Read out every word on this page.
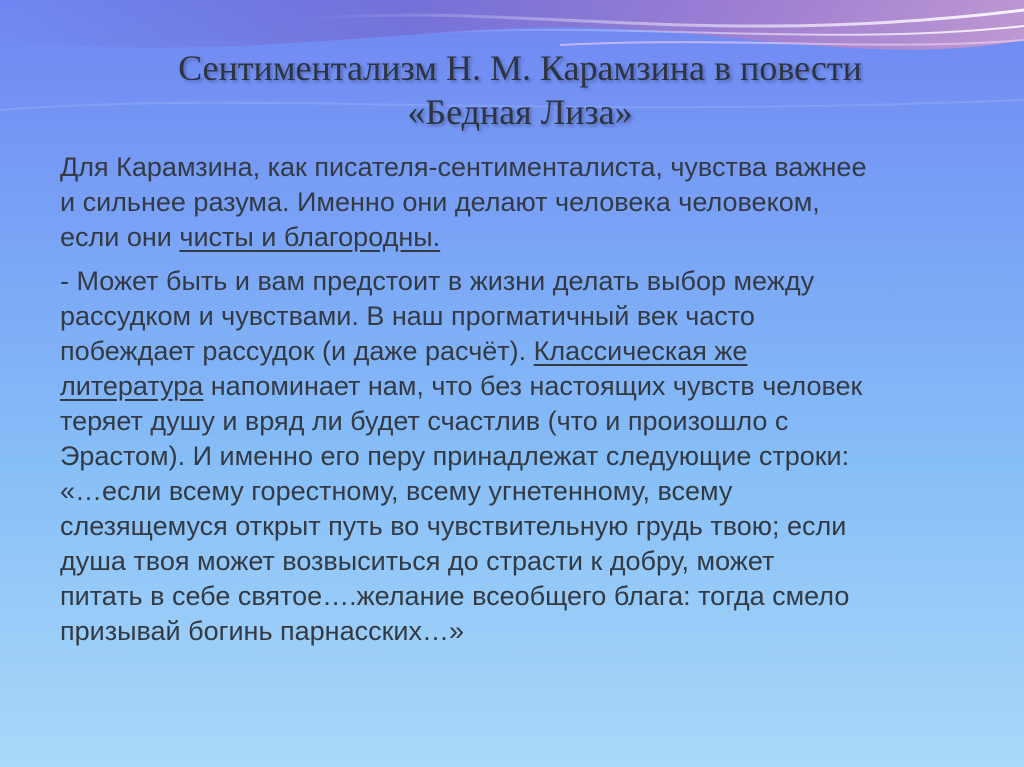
Сентиментализм Н. М. Карамзина в повести
«Бедная Лиза»

Для Карамзина, как писателя-сентименталиста, чувства важнее
и сильнее разума. Именно они делают человека человеком,
если они чисты и благородны.

- Может быть и вам предстоит в жизни делать выбор между
рассудком и чувствами. В наш прогматичный век часто
побеждает рассудок (и даже расчёт). Классическая же
литература напоминает нам, что без настоящих чувств человек
теряет душу и вряд ли будет счастлив (что и произошло с
Эрастом). И именно его перу принадлежат следующие строки:
«…если всему горестному, всему угнетенному, всему
слезящемуся открыт путь во чувствительную грудь твою; если
душа твоя может возвыситься до страсти к добру, может
питать в себе святое….желание всеобщего блага: тогда смело
призывай богинь парнасских…»
